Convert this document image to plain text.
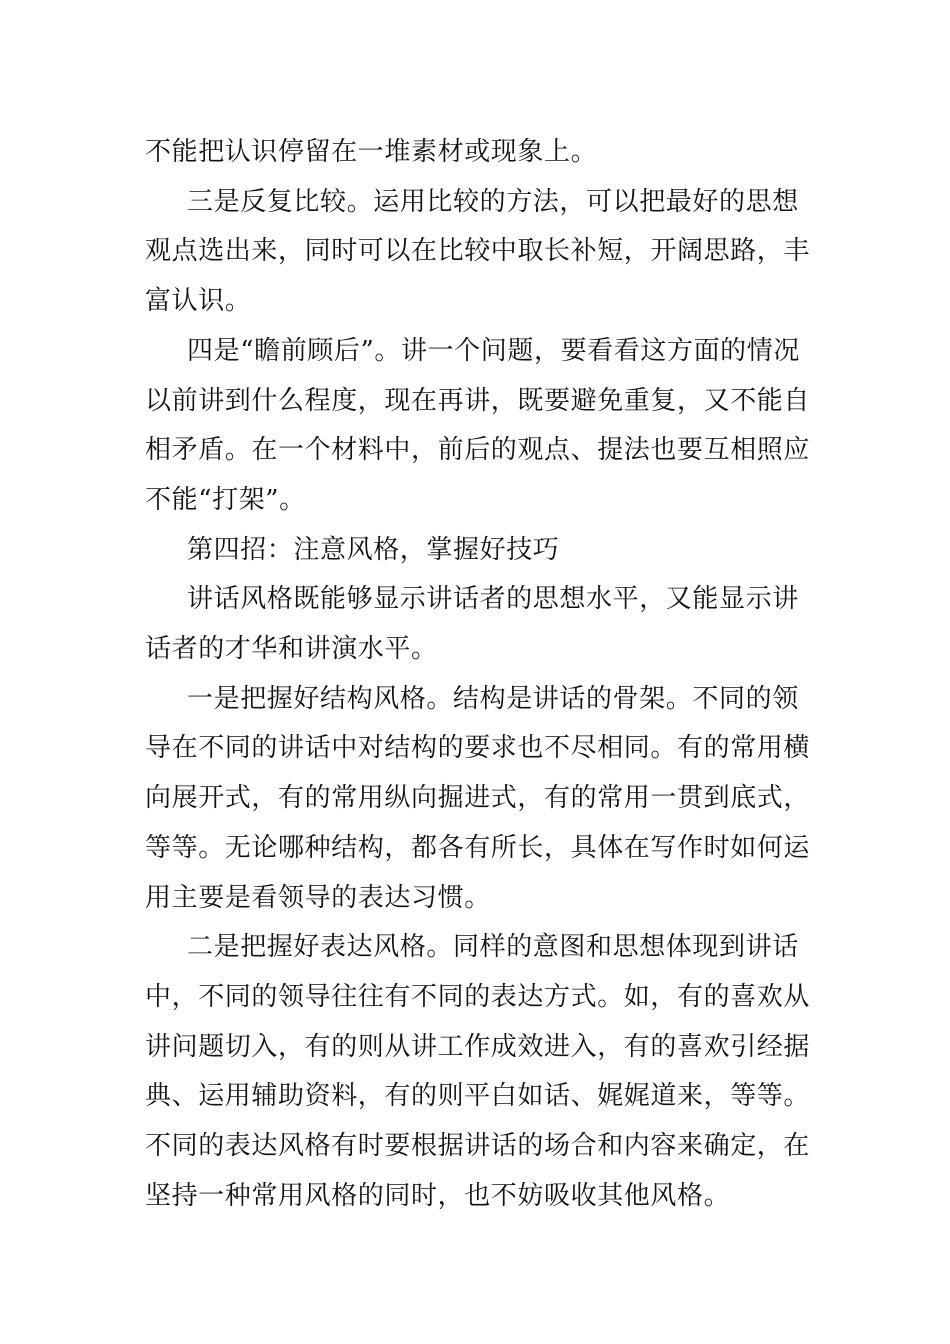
不能把认识停留在一堆素材或现象上。

三是反复比较。运用比较的方法，可以把最好的思想观点选出来，同时可以在比较中取长补短，开阔思路，丰富认识。

四是“瞻前顾后”。讲一个问题，要看看这方面的情况以前讲到什么程度，现在再讲，既要避免重复，又不能自相矛盾。在一个材料中，前后的观点、提法也要互相照应不能“打架”。

第四招：注意风格，掌握好技巧

讲话风格既能够显示讲话者的思想水平，又能显示讲话者的才华和讲演水平。

一是把握好结构风格。结构是讲话的骨架。不同的领导在不同的讲话中对结构的要求也不尽相同。有的常用横向展开式，有的常用纵向掘进式，有的常用一贯到底式，等等。无论哪种结构，都各有所长，具体在写作时如何运用主要是看领导的表达习惯。

二是把握好表达风格。同样的意图和思想体现到讲话中，不同的领导往往有不同的表达方式。如，有的喜欢从讲问题切入，有的则从讲工作成效进入，有的喜欢引经据典、运用辅助资料，有的则平白如话、娓娓道来，等等。不同的表达风格有时要根据讲话的场合和内容来确定，在坚持一种常用风格的同时，也不妨吸收其他风格。
